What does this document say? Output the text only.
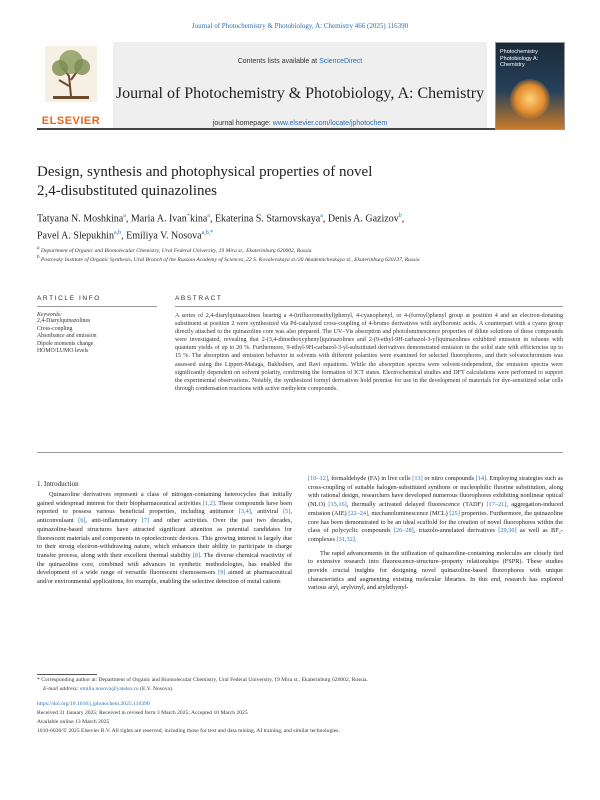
Journal of Photochemistry & Photobiology, A: Chemistry 466 (2025) 116390
ELSEVIER
Contents lists available at ScienceDirect
Journal of Photochemistry & Photobiology, A: Chemistry
journal homepage: www.elsevier.com/locate/jphotochem
Photochemistry Photobiology A: Chemistry
Design, synthesis and photophysical properties of novel
2,4-disubstituted quinazolines
Tatyana N. Moshkina$^a$, Maria A. Ivan`kina$^a$, Ekaterina S. Starnovskaya$^a$, Denis A. Gazizov$^b$,
Pavel A. Slepukhin$^{a,b}$, Emiliya V. Nosova$^{a,b,*}$
$^a$ Department of Organic and Biomolecular Chemistry, Ural Federal University, 19 Mira st., Ekaterinburg 620002, Russia
$^b$ Postovsky Institute of Organic Synthesis, Ural Branch of the Russian Academy of Sciences, 22 S. Kovalevskaya st./20 Akademicheskaya st., Ekaterinburg 620137, Russia
ARTICLE INFO	ABSTRACT
Keywords:
2,4-Diarylquinazolines
Cross-coupling
Absorbance and emission
Dipole moments change
HOMO/LUMO levels
A series of 2,4-diarylquinazolines bearing a 4-(trifluoromethyl)phenyl, 4-cyanophenyl, or 4-(formyl)phenyl group at position 4 and an electron-donating substituent at position 2 were synthesized via Pd-catalyzed cross-coupling of 4-bromo derivatives with arylboronic acids. A counterpart with a cyano group directly attached to the quinazoline core was also prepared. The UV–Vis absorption and photoluminescence properties of dilute solutions of these compounds were investigated, revealing that 2-(3,4-dimethoxyphenyl)quinazolines and 2-(9-ethyl-9H-carbazol-3-yl)quinazolines exhibited emission in toluene with quantum yields of up to 20 %. Furthermore, 9-ethyl-9H-carbazol-3-yl-substituted derivatives demonstrated emission in the solid state with efficiencies up to 15 %. The absorption and emission behavior in solvents with different polarities were examined for selected fluorophores, and their solvatochromism was assessed using the Lippert-Mataga, Bakhshiev, and Ravi equations. While the absorption spectra were solvent-independent, the emission spectra were significantly dependent on solvent polarity, confirming the formation of ICT states. Electrochemical studies and DFT calculations were performed to support the experimental observations. Notably, the synthesized formyl derivatives hold promise for use in the development of materials for dye-sensitized solar cells through condensation reactions with active methylene compounds.
1. Introduction

Quinazoline derivatives represent a class of nitrogen-containing heterocycles that initially gained widespread interest for their biopharmaceutical activities [1,2]. These compounds have been reported to possess various beneficial properties, including antitumor [3,4], antiviral [5], anticonvulsant [6], anti-inflammatory [7] and other activities. Over the past two decades, quinazoline-based structures have attracted significant attention as potential candidates for fluorescent materials and components in optoelectronic devices. This growing interest is largely due to their strong electron-withdrawing nature, which enhances their ability to participate in charge transfer process, along with their excellent thermal stability [8]. The diverse chemical reactivity of the quinazoline core, combined with advances in synthetic methodologies, has enabled the development of a wide range of versatile fluorescent chemosensors [9] aimed at pharmaceutical and/or environmental applications, for example, enabling the selective detection of metal cations

[10–12], formaldehyde (FA) in live cells [13] or nitro compounds [14]. Employing strategies such as cross-coupling of suitable halogen-substituted synthons or nucleophilic fluorine substitution, along with rational design, researchers have developed numerous fluorophores exhibiting nonlinear optical (NLO) [15,16], thermally activated delayed fluorescence (TADF) [17–21], aggregation-induced emission (AIE) [22–24], mechanoluminescence (MCL) [25] properties. Furthermore, the quinazoline core has been demonstrated to be an ideal scaffold for the creation of novel fluorophores within the class of polycyclic compounds [26–28], triazolo-annelated derivatives [29,30] as well as BF₂-complexes [31,32].

The rapid advancements in the utilization of quinazoline-containing molecules are closely tied to extensive research into fluorescence-structure–property relationships (FSPR). These studies provide crucial insights for designing novel quinazoline-based fluorophores with unique characteristics and augmenting existing molecular libraries. In this end, research has explored various aryl, arylvinyl, and arylethynyl-

* Corresponding author at: Department of Organic and Biomolecular Chemistry, Ural Federal University, 19 Mira st., Ekaterinburg 620002, Russia.
E-mail address: emilia.nosova@yandex.ru (E.V. Nosova).
https://doi.org/10.1016/j.jphotochem.2025.116390
Received 31 January 2025; Received in revised form 3 March 2025; Accepted 10 March 2025
Available online 13 March 2025
1010-6030/© 2025 Elsevier B.V. All rights are reserved, including those for text and data mining, AI training, and similar technologies.
